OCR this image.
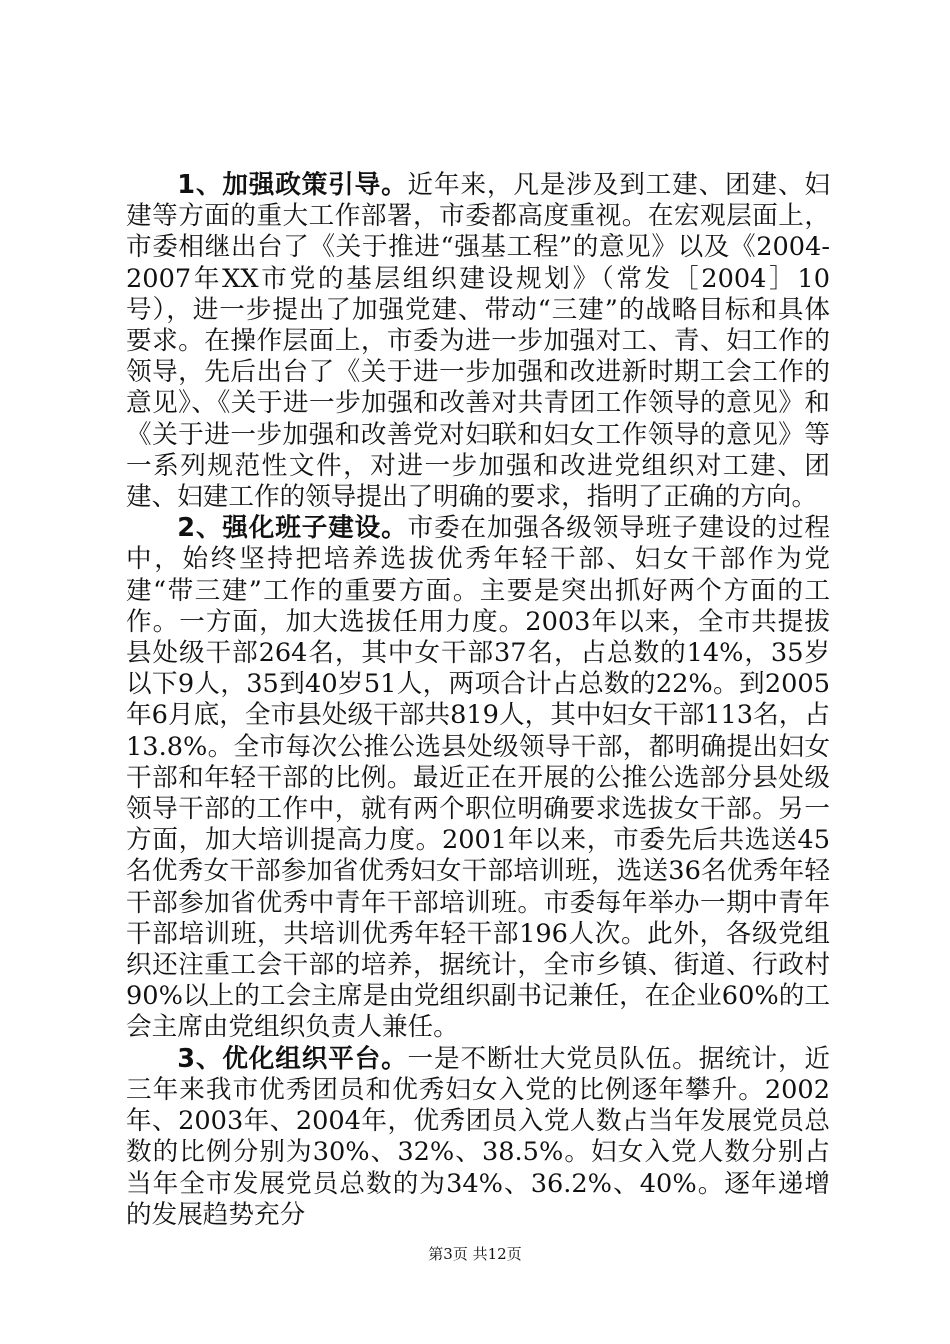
1、加强政策引导。近年来，凡是涉及到工建、团建、妇建等方面的重大工作部署，市委都高度重视。在宏观层面上，市委相继出台了《关于推进“强基工程”的意见》以及《2004-2007年XX市党的基层组织建设规划》（常发［2004］10号），进一步提出了加强党建、带动“三建”的战略目标和具体要求。在操作层面上，市委为进一步加强对工、青、妇工作的领导，先后出台了《关于进一步加强和改进新时期工会工作的意见》、《关于进一步加强和改善对共青团工作领导的意见》和《关于进一步加强和改善党对妇联和妇女工作领导的意见》等一系列规范性文件，对进一步加强和改进党组织对工建、团建、妇建工作的领导提出了明确的要求，指明了正确的方向。

2、强化班子建设。市委在加强各级领导班子建设的过程中，始终坚持把培养选拔优秀年轻干部、妇女干部作为党建“带三建”工作的重要方面。主要是突出抓好两个方面的工作。一方面，加大选拔任用力度。2003年以来，全市共提拔县处级干部264名，其中女干部37名，占总数的14%，35岁以下9人，35到40岁51人，两项合计占总数的22%。到2005年6月底，全市县处级干部共819人，其中妇女干部113名，占13.8%。全市每次公推公选县处级领导干部，都明确提出妇女干部和年轻干部的比例。最近正在开展的公推公选部分县处级领导干部的工作中，就有两个职位明确要求选拔女干部。另一方面，加大培训提高力度。2001年以来，市委先后共选送45名优秀女干部参加省优秀妇女干部培训班，选送36名优秀年轻干部参加省优秀中青年干部培训班。市委每年举办一期中青年干部培训班，共培训优秀年轻干部196人次。此外，各级党组织还注重工会干部的培养，据统计，全市乡镇、街道、行政村90%以上的工会主席是由党组织副书记兼任，在企业60%的工会主席由党组织负责人兼任。

3、优化组织平台。一是不断壮大党员队伍。据统计，近三年来我市优秀团员和优秀妇女入党的比例逐年攀升。2002年、2003年、2004年，优秀团员入党人数占当年发展党员总数的比例分别为30%、32%、38.5%。妇女入党人数分别占当年全市发展党员总数的为34%、36.2%、40%。逐年递增的发展趋势充分

第3页 共12页
